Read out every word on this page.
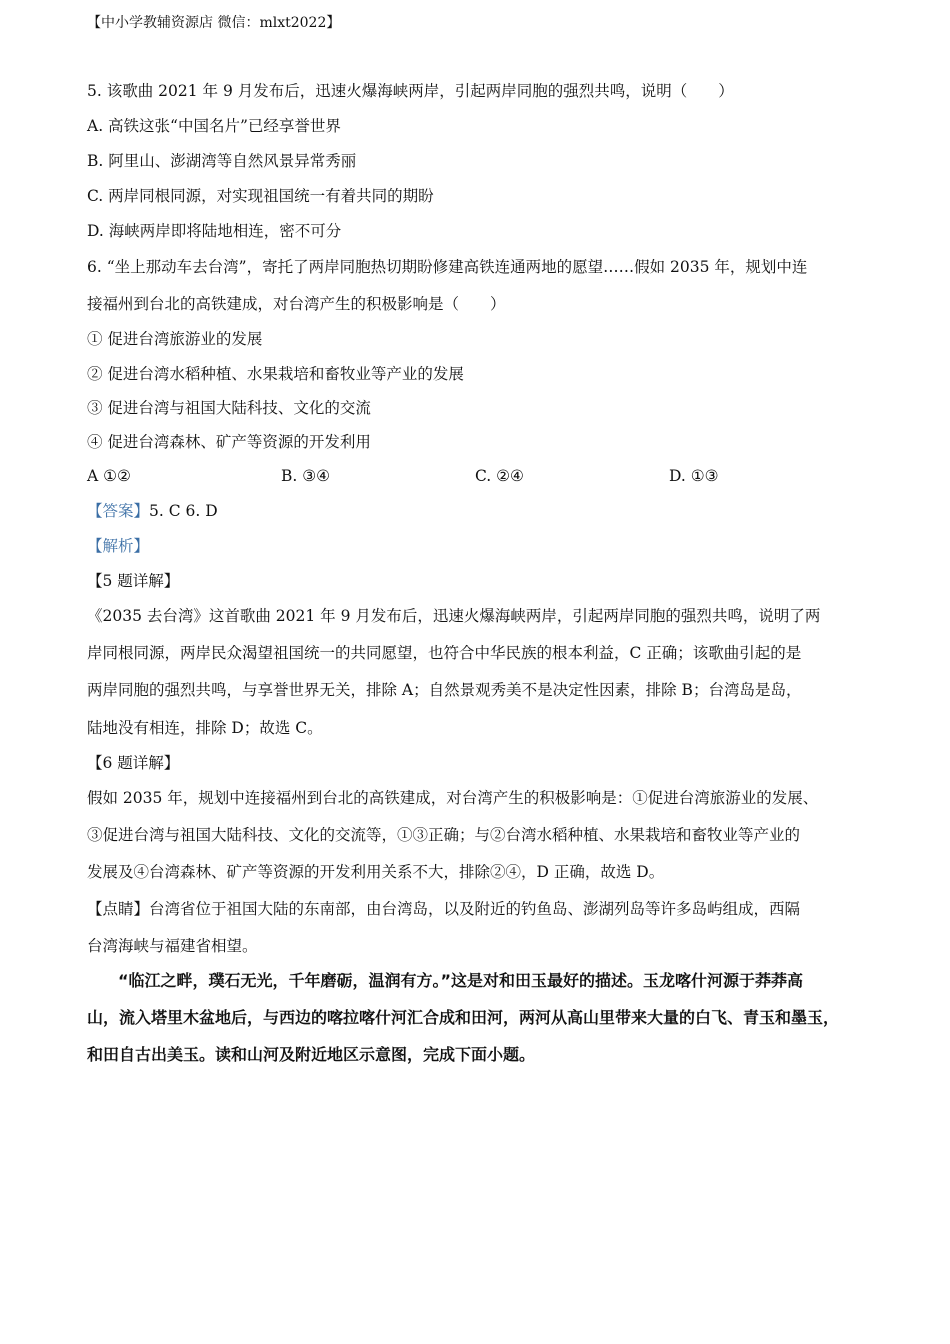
【中小学教辅资源店 微信：mlxt2022】
5. 该歌曲 2021 年 9 月发布后，迅速火爆海峡两岸，引起两岸同胞的强烈共鸣，说明（　　）
A. 高铁这张“中国名片”已经享誉世界
B. 阿里山、澎湖湾等自然风景异常秀丽
C. 两岸同根同源，对实现祖国统一有着共同的期盼
D. 海峡两岸即将陆地相连，密不可分
6. “坐上那动车去台湾”，寄托了两岸同胞热切期盼修建高铁连通两地的愿望……假如 2035 年，规划中连
接福州到台北的高铁建成，对台湾产生的积极影响是（　　）
① 促进台湾旅游业的发展
② 促进台湾水稻种植、水果栽培和畜牧业等产业的发展
③ 促进台湾与祖国大陆科技、文化的交流
④ 促进台湾森林、矿产等资源的开发利用
A ①②	B. ③④	C. ②④	D. ①③
【答案】5. C 6. D
【解析】
【5 题详解】
《2035 去台湾》这首歌曲 2021 年 9 月发布后，迅速火爆海峡两岸，引起两岸同胞的强烈共鸣，说明了两
岸同根同源，两岸民众渴望祖国统一的共同愿望，也符合中华民族的根本利益，C 正确；该歌曲引起的是
两岸同胞的强烈共鸣，与享誉世界无关，排除 A；自然景观秀美不是决定性因素，排除 B；台湾岛是岛，
陆地没有相连，排除 D；故选 C。
【6 题详解】
假如 2035 年，规划中连接福州到台北的高铁建成，对台湾产生的积极影响是：①促进台湾旅游业的发展、
③促进台湾与祖国大陆科技、文化的交流等，①③正确；与②台湾水稻种植、水果栽培和畜牧业等产业的
发展及④台湾森林、矿产等资源的开发利用关系不大，排除②④，D 正确，故选 D。
【点睛】台湾省位于祖国大陆的东南部，由台湾岛，以及附近的钓鱼岛、澎湖列岛等许多岛屿组成，西隔
台湾海峡与福建省相望。
“临江之畔，璞石无光，千年磨砺，温润有方。”这是对和田玉最好的描述。玉龙喀什河源于莽莽高
山，流入塔里木盆地后，与西边的喀拉喀什河汇合成和田河，两河从高山里带来大量的白飞、青玉和墨玉，
和田自古出美玉。读和山河及附近地区示意图，完成下面小题。
